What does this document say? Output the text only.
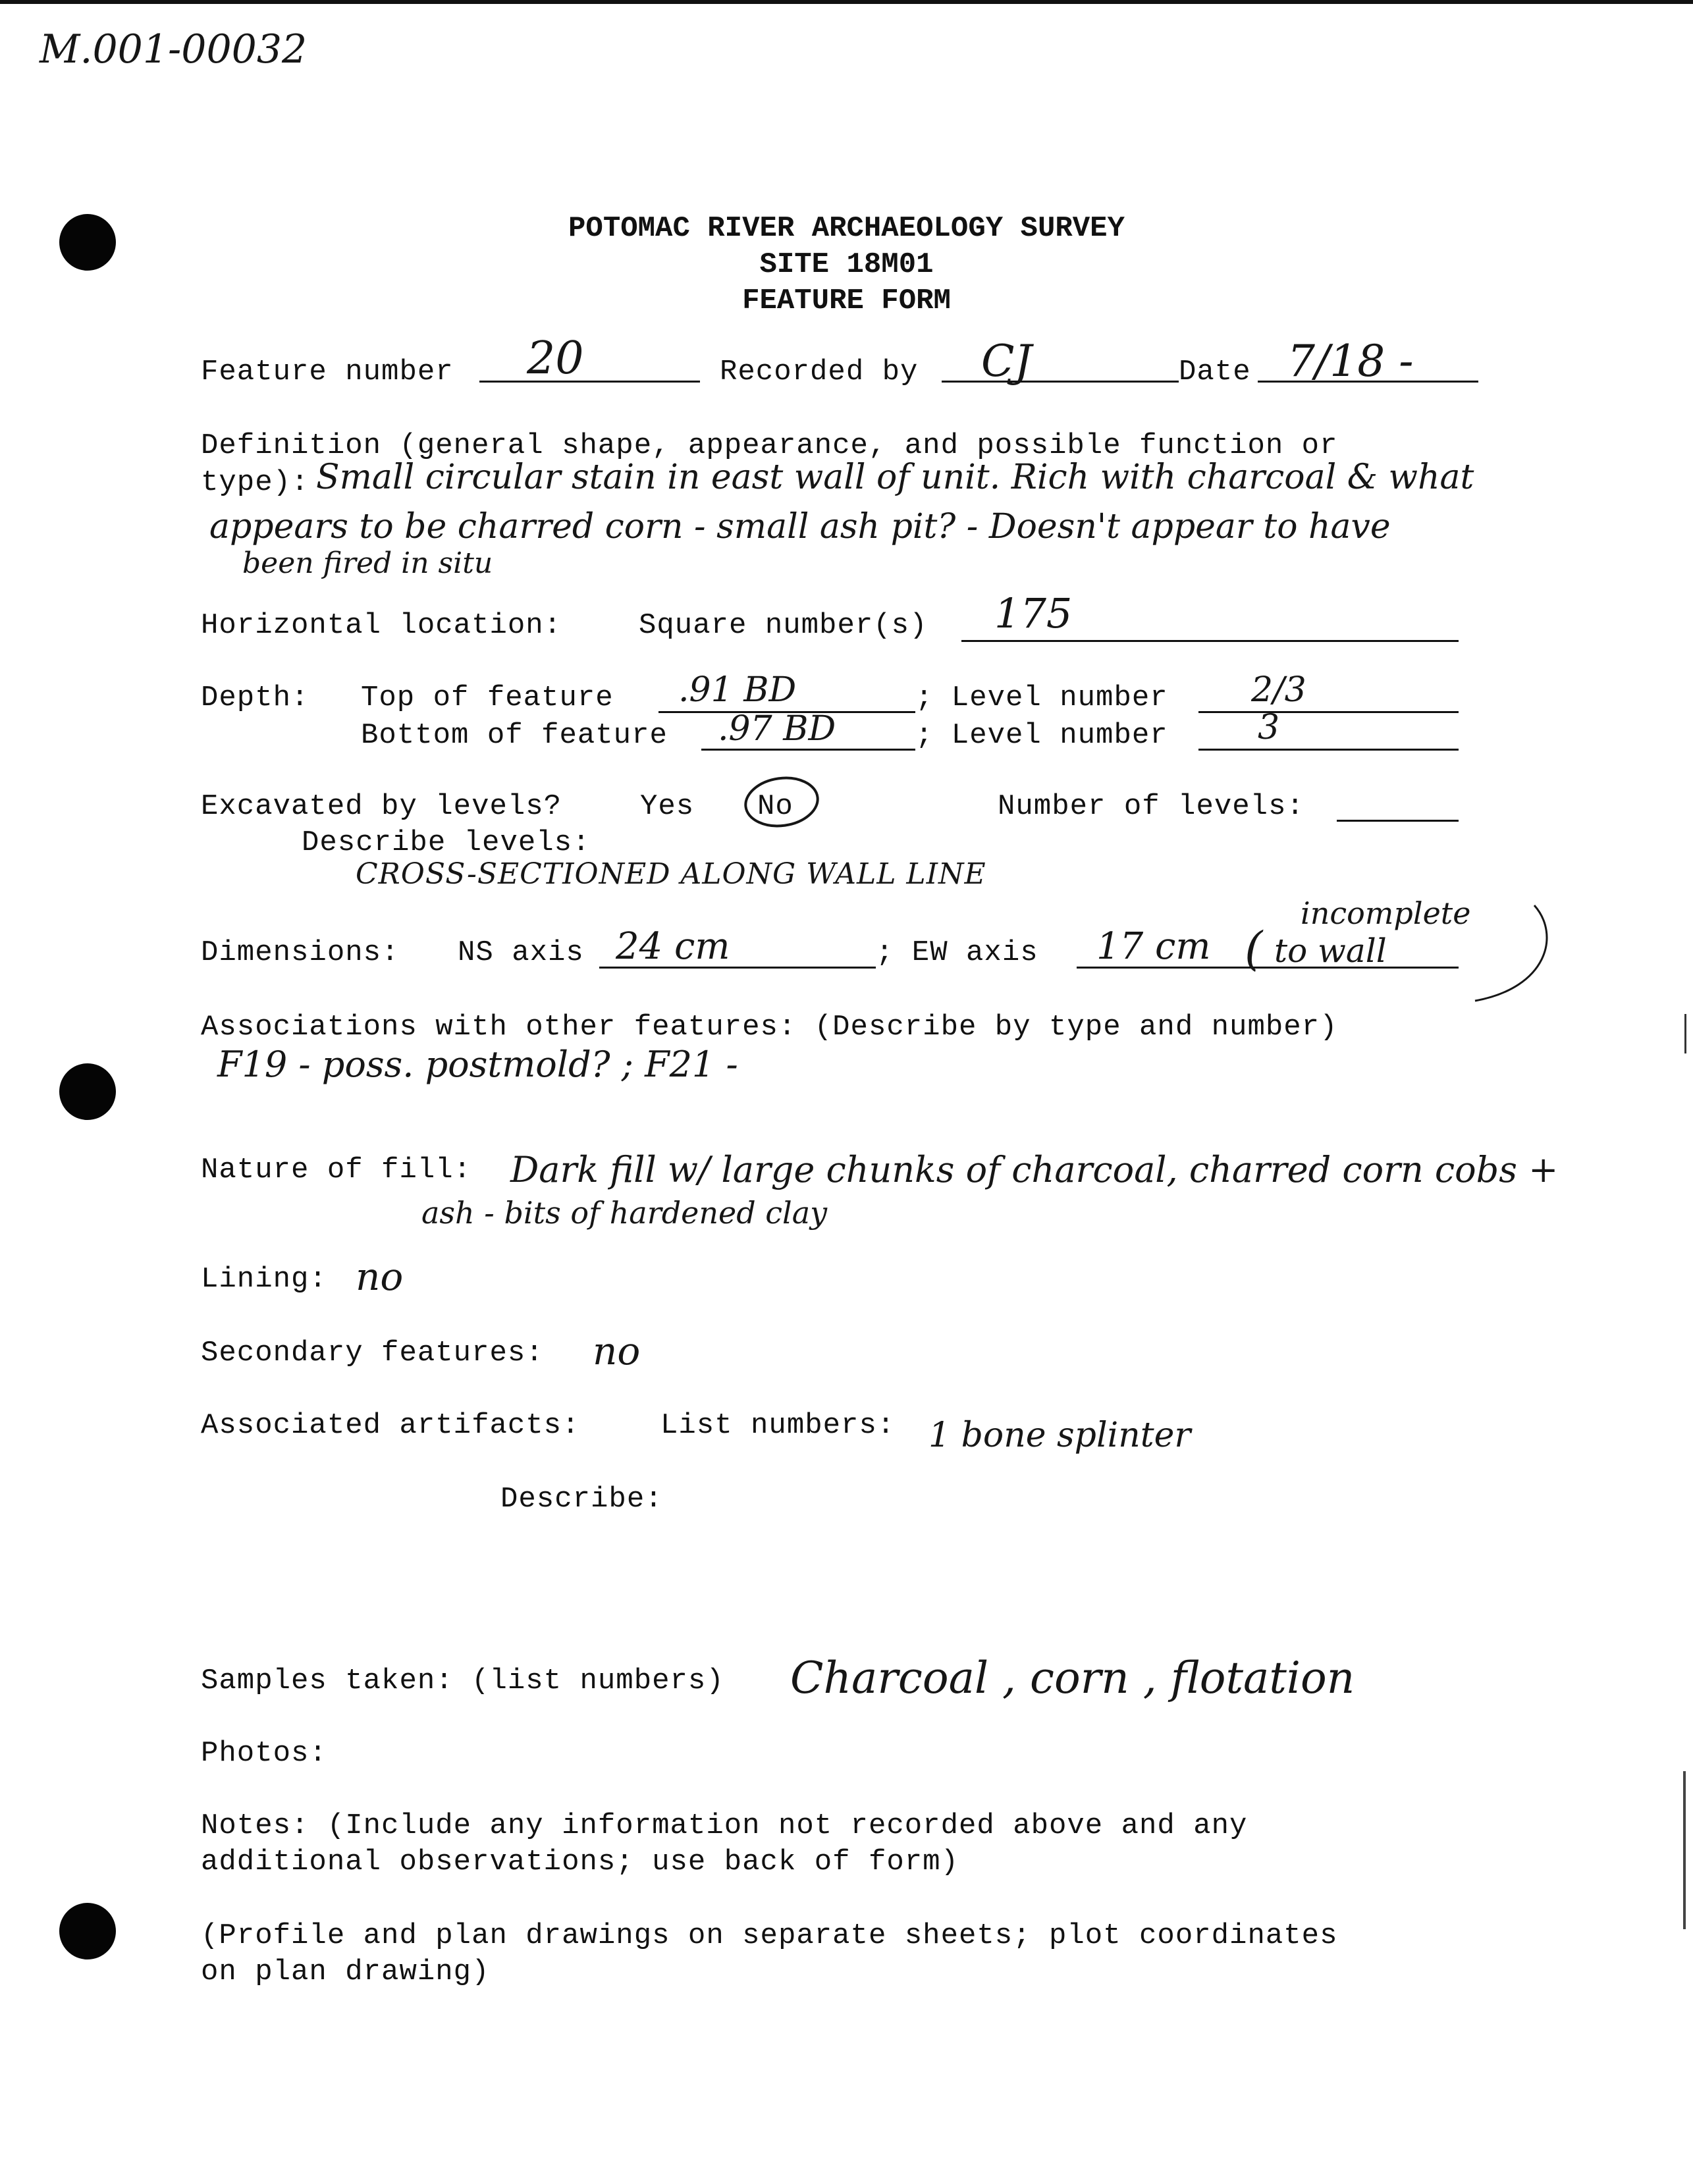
M.001-00032
POTOMAC RIVER ARCHAEOLOGY SURVEY
SITE 18M01
FEATURE FORM
Feature number 20	Recorded by CJ	Date 7/18 -
Definition (general shape, appearance, and possible function or
type): Small circular stain in east wall of unit. Rich with charcoal & what
appears to be charred corn - small ash pit? - Doesn't appear to have
been fired in situ
Horizontal location:	Square number(s) 175
Depth: Top of feature .91 BD	; Level number 2/3
Bottom of feature .97 BD	; Level number	3
Excavated by levels?	Yes No	Number of levels:
Describe levels:
CROSS-SECTIONED ALONG WALL LINE
Dimensions: NS axis 24 cm	; EW axis 17 cm (
incomplete
to wall
Associations with other features: (Describe by type and number)
F19 - poss. postmold? ; F21 -
Nature of fill: Dark fill w/ large chunks of charcoal, charred corn cobs +
ash - bits of hardened clay
Lining: no
Secondary features: no
Associated artifacts:	List numbers: 1 bone splinter
Describe:
Samples taken: (list numbers) Charcoal , corn , flotation
Photos:
Notes: (Include any information not recorded above and any
additional observations; use back of form)
(Profile and plan drawings on separate sheets; plot coordinates
on plan drawing)
